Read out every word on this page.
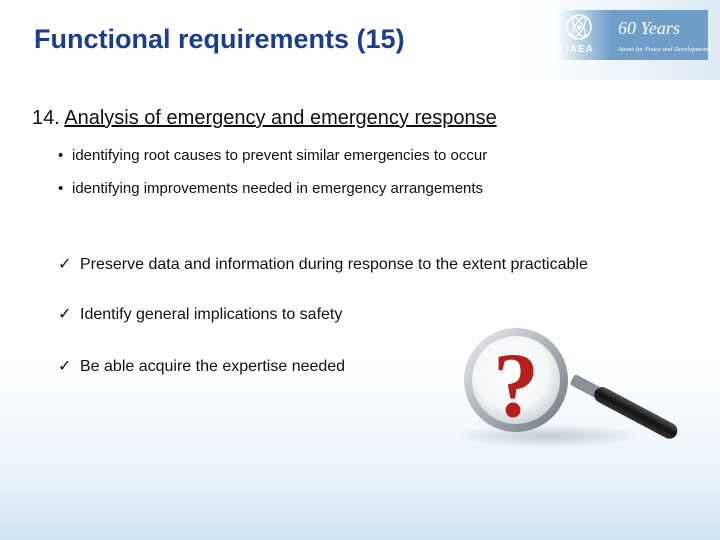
Functional requirements (15)	IAEA
60 Years
Atoms for Peace and Development
14. Analysis of emergency and emergency response
• identifying root causes to prevent similar emergencies to occur
• identifying improvements needed in emergency arrangements
✓ Preserve data and information during response to the extent practicable
✓ Identify general implications to safety
✓ Be able acquire the expertise needed ?
